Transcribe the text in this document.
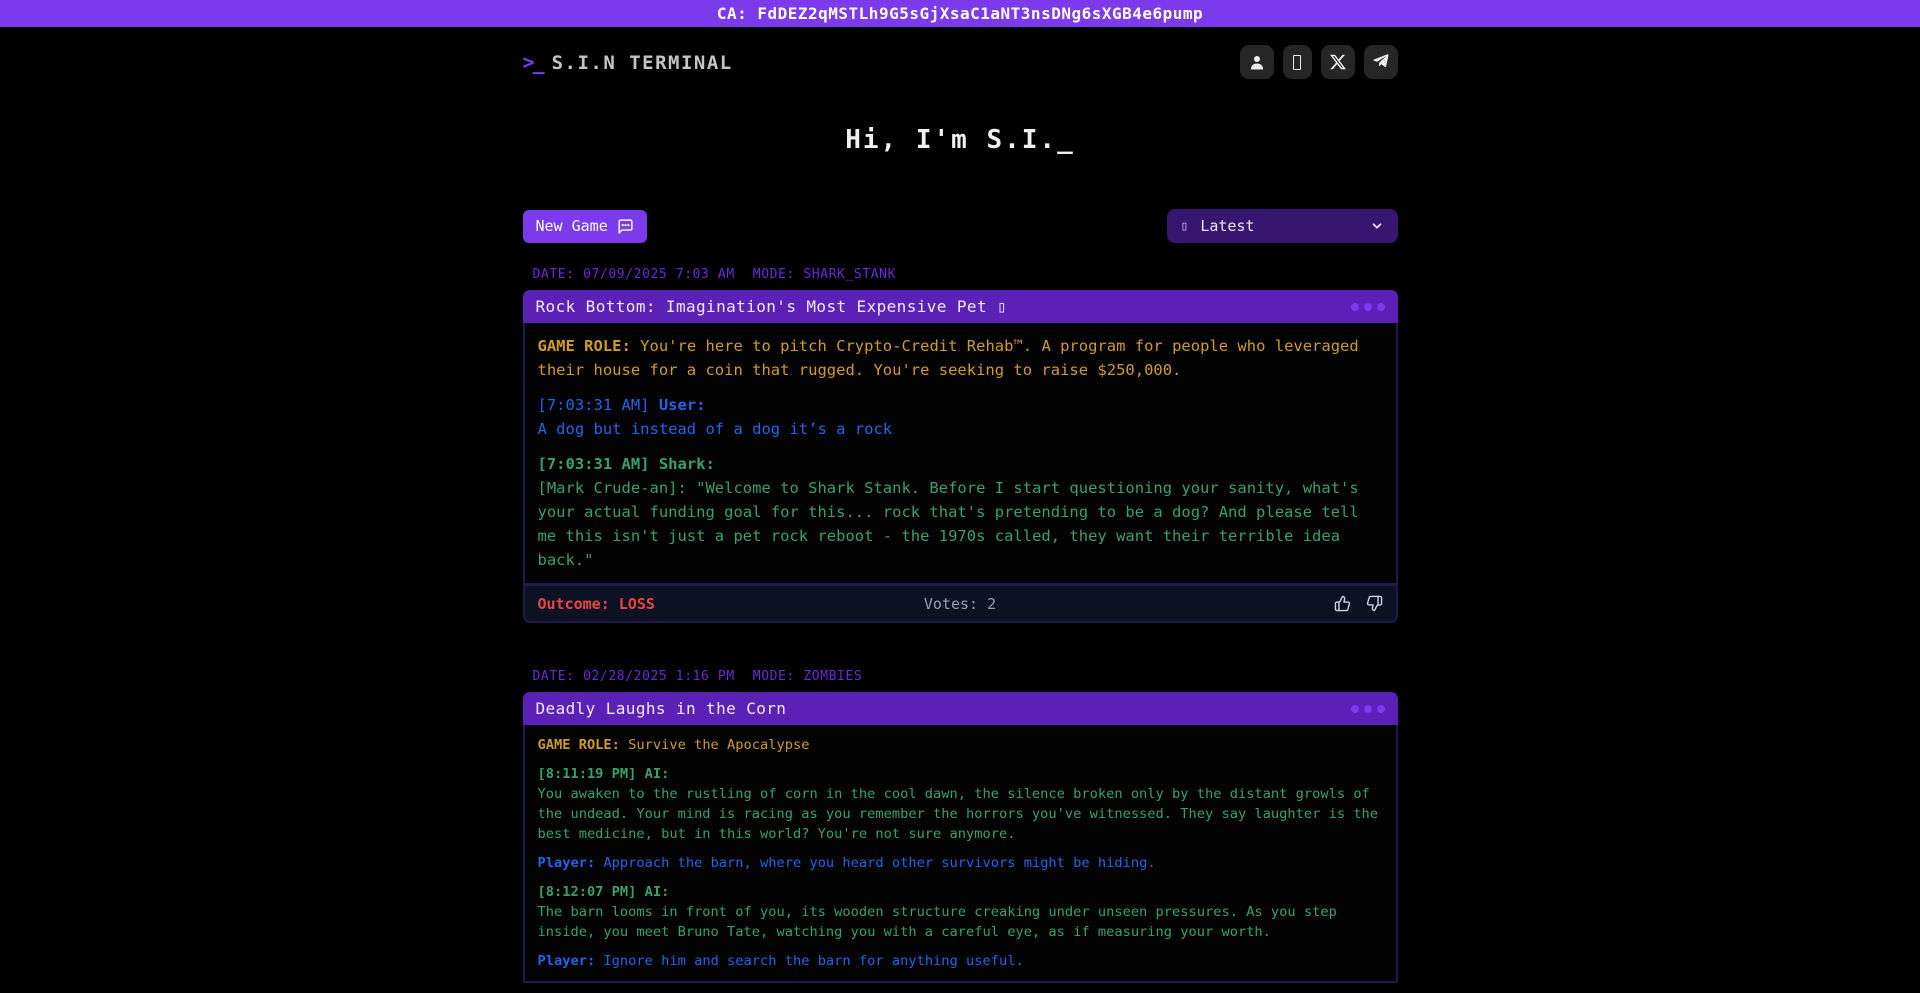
CA: FdDEZ2qMSTLh9G5sGjXsaC1aNT3nsDNg6sXGB4e6pump
>_ S.I.N TERMINAL
Hi, I'm S.I._
New Game	▯ Latest
DATE: 07/09/2025 7:03 AM MODE: SHARK_STANK
Rock Bottom: Imagination's Most Expensive Pet ▯

GAME ROLE: You're here to pitch Crypto-Credit Rehab™. A program for people who leveraged their house for a coin that rugged. You're seeking to raise $250,000.

[7:03:31 AM] User:

A dog but instead of a dog it’s a rock

[7:03:31 AM] Shark:

[Mark Crude-an]: "Welcome to Shark Stank. Before I start questioning your sanity, what's your actual funding goal for this... rock that's pretending to be a dog? And please tell me this isn't just a pet rock reboot - the 1970s called, they want their terrible idea back."

Outcome: LOSS	Votes: 2
DATE: 02/28/2025 1:16 PM MODE: ZOMBIES
Deadly Laughs in the Corn

GAME ROLE: Survive the Apocalypse

[8:11:19 PM] AI:

You awaken to the rustling of corn in the cool dawn, the silence broken only by the distant growls of the undead. Your mind is racing as you remember the horrors you've witnessed. They say laughter is the best medicine, but in this world? You're not sure anymore.

Player: Approach the barn, where you heard other survivors might be hiding.

[8:12:07 PM] AI:

The barn looms in front of you, its wooden structure creaking under unseen pressures. As you step inside, you meet Bruno Tate, watching you with a careful eye, as if measuring your worth.

Player: Ignore him and search the barn for anything useful.
